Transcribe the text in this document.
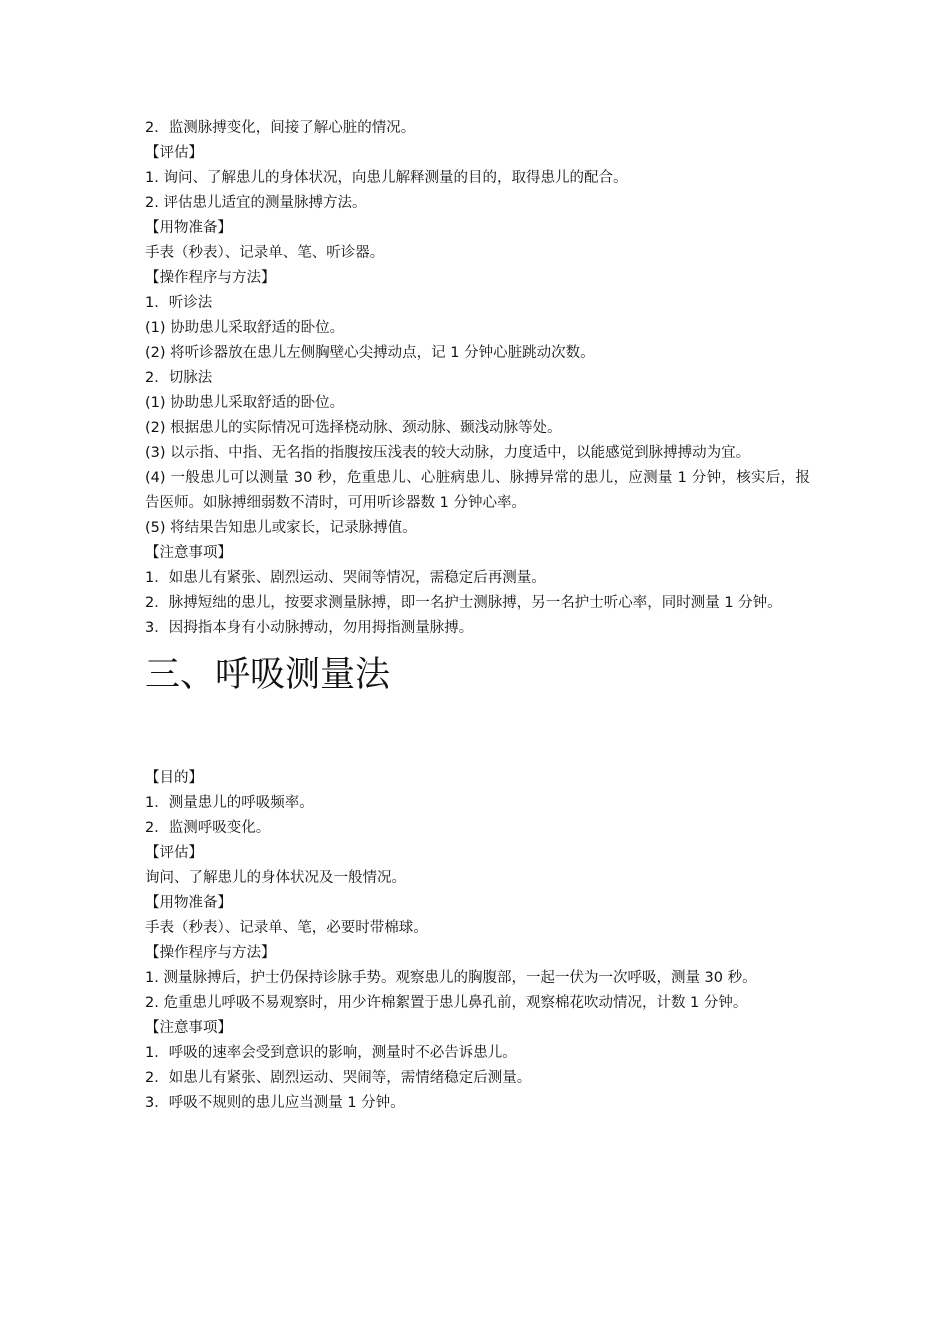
2．监测脉搏变化，间接了解心脏的情况。

【评估】

1. 询问、了解患儿的身体状况，向患儿解释测量的目的，取得患儿的配合。

2. 评估患儿适宜的测量脉搏方法。

【用物准备】

手表（秒表）、记录单、笔、听诊器。

【操作程序与方法】

1．听诊法

(1) 协助患儿采取舒适的卧位。

(2) 将听诊器放在患儿左侧胸壁心尖搏动点，记 1 分钟心脏跳动次数。

2．切脉法

(1) 协助患儿采取舒适的卧位。

(2) 根据患儿的实际情况可选择桡动脉、颈动脉、颞浅动脉等处。

(3) 以示指、中指、无名指的指腹按压浅表的较大动脉，力度适中，以能感觉到脉搏搏动为宜。

(4) 一般患儿可以测量 30 秒，危重患儿、心脏病患儿、脉搏异常的患儿，应测量 1 分钟，核实后，报告医师。如脉搏细弱数不清时，可用听诊器数 1 分钟心率。

(5) 将结果告知患儿或家长，记录脉搏值。

【注意事项】

1．如患儿有紧张、剧烈运动、哭闹等情况，需稳定后再测量。

2．脉搏短绌的患儿，按要求测量脉搏，即一名护士测脉搏，另一名护士听心率，同时测量 1 分钟。

3．因拇指本身有小动脉搏动，勿用拇指测量脉搏。

三、呼吸测量法

【目的】

1．测量患儿的呼吸频率。

2．监测呼吸变化。

【评估】

询问、了解患儿的身体状况及一般情况。

【用物准备】

手表（秒表）、记录单、笔，必要时带棉球。

【操作程序与方法】

1. 测量脉搏后，护士仍保持诊脉手势。观察患儿的胸腹部，一起一伏为一次呼吸，测量 30 秒。

2. 危重患儿呼吸不易观察时，用少许棉絮置于患儿鼻孔前，观察棉花吹动情况，计数 1 分钟。

【注意事项】

1．呼吸的速率会受到意识的影响，测量时不必告诉患儿。

2．如患儿有紧张、剧烈运动、哭闹等，需情绪稳定后测量。

3．呼吸不规则的患儿应当测量 1 分钟。
